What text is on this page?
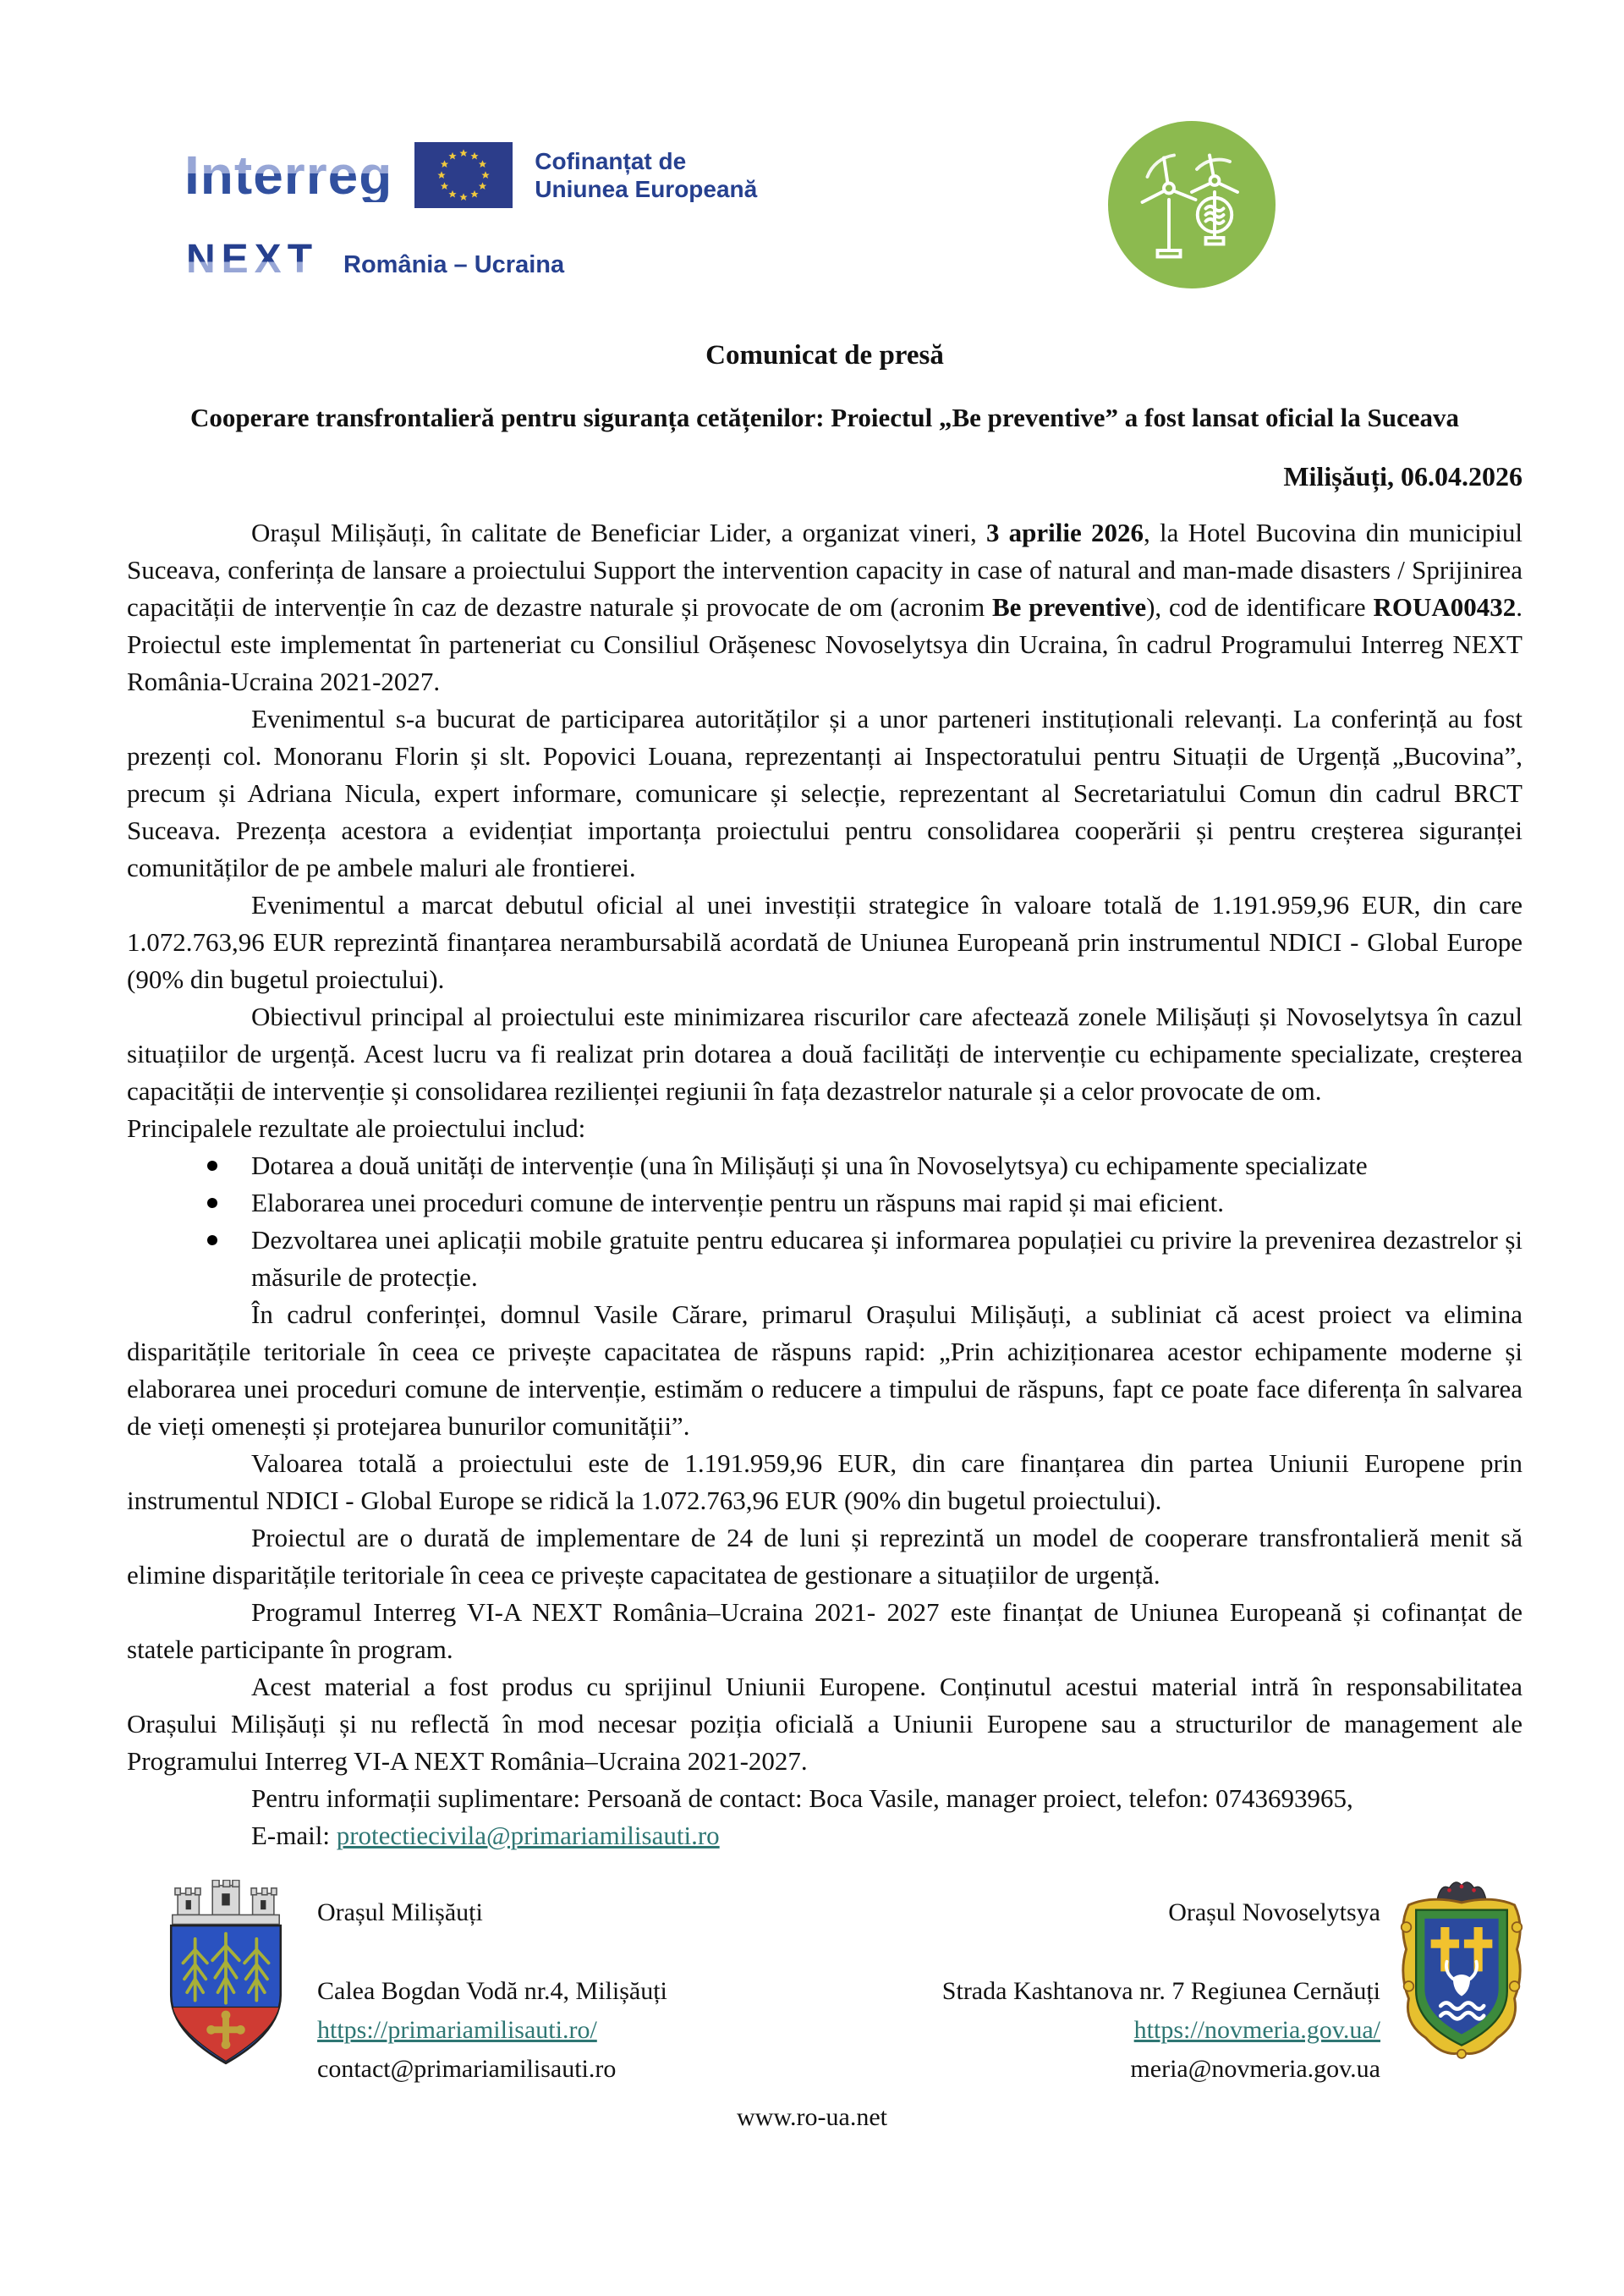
Interreg	Cofinanțat de
Uniunea Europeană
NEXT România – Ucraina

Comunicat de presă

Cooperare transfrontalieră pentru siguranța cetățenilor: Proiectul „Be preventive” a fost lansat oficial la Suceava

Milișăuți, 06.04.2026

Orașul Milișăuți, în calitate de Beneficiar Lider, a organizat vineri, 3 aprilie 2026, la Hotel Bucovina din municipiul Suceava, conferința de lansare a proiectului Support the intervention capacity in case of natural and man-made disasters / Sprijinirea capacității de intervenție în caz de dezastre naturale și provocate de om (acronim Be preventive), cod de identificare ROUA00432. Proiectul este implementat în parteneriat cu Consiliul Orășenesc Novoselytsya din Ucraina, în cadrul Programului Interreg NEXT România-Ucraina 2021-2027.

Evenimentul s-a bucurat de participarea autorităților și a unor parteneri instituționali relevanți. La conferință au fost prezenți col. Monoranu Florin și slt. Popovici Louana, reprezentanți ai Inspectoratului pentru Situații de Urgență „Bucovina”, precum și Adriana Nicula, expert informare, comunicare și selecție, reprezentant al Secretariatului Comun din cadrul BRCT Suceava. Prezența acestora a evidențiat importanța proiectului pentru consolidarea cooperării și pentru creșterea siguranței comunităților de pe ambele maluri ale frontierei.

Evenimentul a marcat debutul oficial al unei investiții strategice în valoare totală de 1.191.959,96 EUR, din care 1.072.763,96 EUR reprezintă finanțarea nerambursabilă acordată de Uniunea Europeană prin instrumentul NDICI - Global Europe (90% din bugetul proiectului).

Obiectivul principal al proiectului este minimizarea riscurilor care afectează zonele Milișăuți și Novoselytsya în cazul situațiilor de urgență. Acest lucru va fi realizat prin dotarea a două facilități de intervenție cu echipamente specializate, creșterea capacității de intervenție și consolidarea rezilienței regiunii în fața dezastrelor naturale și a celor provocate de om.

Principalele rezultate ale proiectului includ:

Dotarea a două unități de intervenție (una în Milișăuți și una în Novoselytsya) cu echipamente specializate
Elaborarea unei proceduri comune de intervenție pentru un răspuns mai rapid și mai eficient.
Dezvoltarea unei aplicații mobile gratuite pentru educarea și informarea populației cu privire la prevenirea dezastrelor și măsurile de protecție.

În cadrul conferinței, domnul Vasile Cărare, primarul Orașului Milișăuți, a subliniat că acest proiect va elimina disparitățile teritoriale în ceea ce privește capacitatea de răspuns rapid: „Prin achiziționarea acestor echipamente moderne și elaborarea unei proceduri comune de intervenție, estimăm o reducere a timpului de răspuns, fapt ce poate face diferența în salvarea de vieți omenești și protejarea bunurilor comunității”.

Valoarea totală a proiectului este de 1.191.959,96 EUR, din care finanțarea din partea Uniunii Europene prin instrumentul NDICI - Global Europe se ridică la 1.072.763,96 EUR (90% din bugetul proiectului).

Proiectul are o durată de implementare de 24 de luni și reprezintă un model de cooperare transfrontalieră menit să elimine disparitățile teritoriale în ceea ce privește capacitatea de gestionare a situațiilor de urgență.

Programul Interreg VI-A NEXT România–Ucraina 2021- 2027 este finanțat de Uniunea Europeană și cofinanțat de statele participante în program.

Acest material a fost produs cu sprijinul Uniunii Europene. Conținutul acestui material intră în responsabilitatea Orașului Milișăuți și nu reflectă în mod necesar poziția oficială a Uniunii Europene sau a structurilor de management ale Programului Interreg VI-A NEXT România–Ucraina 2021-2027.

Pentru informații suplimentare: Persoană de contact: Boca Vasile, manager proiect, telefon: 0743693965,
E-mail: protectiecivila@primariamilisauti.ro
Orașul Milișăuți
Calea Bogdan Vodă nr.4, Milișăuți
https://primariamilisauti.ro/
contact@primariamilisauti.ro
Orașul Novoselytsya
Strada Kashtanova nr. 7 Regiunea Cernăuți
https://novmeria.gov.ua/
meria@novmeria.gov.ua
www.ro-ua.net
